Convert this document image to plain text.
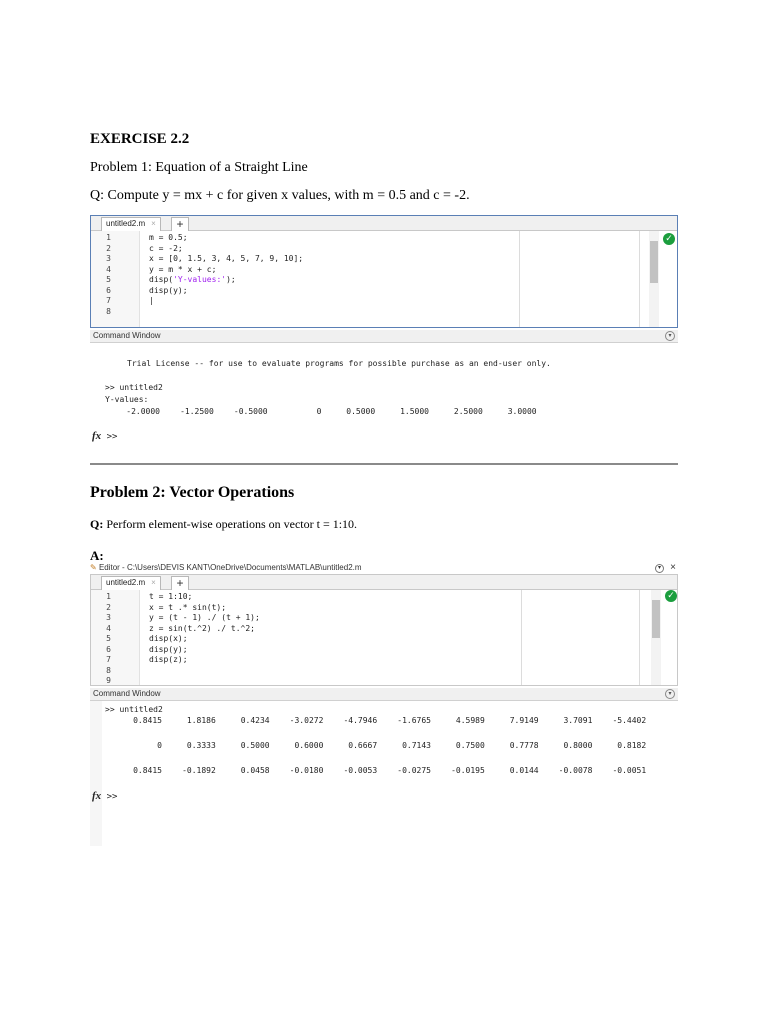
EXERCISE 2.2
Problem 1: Equation of a Straight Line
Q: Compute y = mx + c for given x values, with m = 0.5 and c = -2.
untitled2.m ×	+
1
2
3
4
5
6
7
8
m = 0.5;
c = -2;
x = [0, 1.5, 3, 4, 5, 7, 9, 10];
y = m * x + c;
disp('Y-values:');
disp(y);
|
✓
Command Window	▾
Trial License -- for use to evaluate programs for possible purchase as an end-user only.
>> untitled2
Y-values:
-2.0000	-1.2500	-0.5000	0	0.5000	1.5000	2.5000	3.0000
fx >>
Problem 2: Vector Operations
Q: Perform element-wise operations on vector t = 1:10.
A:
✎ Editor - C:\Users\DEVIS KANT\OneDrive\Documents\MATLAB\untitled2.m	▾ ×
untitled2.m ×	+
1
2
3
4
5
6
7
8
9
t = 1:10;
x = t .* sin(t);
y = (t - 1) ./ (t + 1);
z = sin(t.^2) ./ t.^2;
disp(x);
disp(y);
disp(z);
✓
Command Window	▾
>> untitled2
0.8415	1.8186	0.4234	-3.0272	-4.7946	-1.6765	4.5989	7.9149	3.7091	-5.4402
0	0.3333	0.5000	0.6000	0.6667	0.7143	0.7500	0.7778	0.8000	0.8182
0.8415	-0.1892	0.0458	-0.0180	-0.0053	-0.0275	-0.0195	0.0144	-0.0078	-0.0051
fx >>
